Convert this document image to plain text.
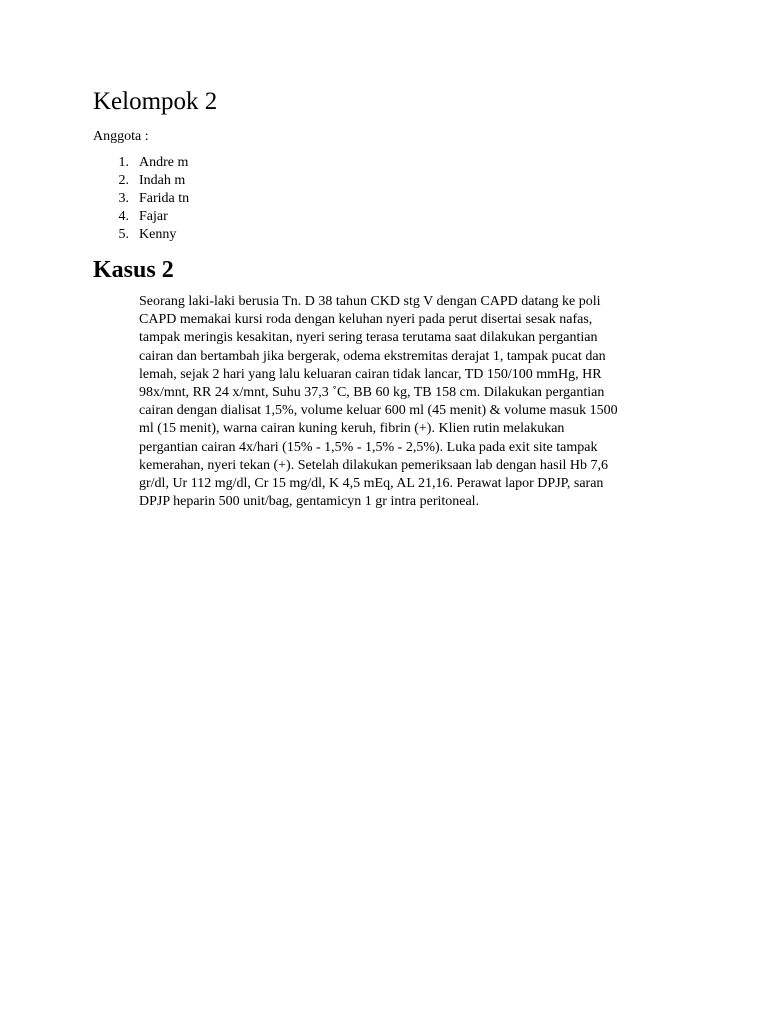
Kelompok 2

Anggota :

1 . Andre m
2 . Indah m
3 . Farida tn
4 . Fajar
5 . Kenny
Kasus 2

Seorang laki-laki berusia Tn. D 38 tahun CKD stg V dengan CAPD datang ke poli
CAPD memakai kursi roda dengan keluhan nyeri pada perut disertai sesak nafas,
tampak meringis kesakitan, nyeri sering terasa terutama saat dilakukan pergantian
cairan dan bertambah jika bergerak, odema ekstremitas derajat 1, tampak pucat dan
lemah, sejak 2 hari yang lalu keluaran cairan tidak lancar, TD 150/100 mmHg, HR
98x/mnt, RR 24 x/mnt, Suhu 37,3 ˚C, BB 60 kg, TB 158 cm. Dilakukan pergantian
cairan dengan dialisat 1,5%, volume keluar 600 ml (45 menit) & volume masuk 1500
ml (15 menit), warna cairan kuning keruh, fibrin (+). Klien rutin melakukan
pergantian cairan 4x/hari (15% - 1,5% - 1,5% - 2,5%). Luka pada exit site tampak
kemerahan, nyeri tekan (+). Setelah dilakukan pemeriksaan lab dengan hasil Hb 7,6
gr/dl, Ur 112 mg/dl, Cr 15 mg/dl, K 4,5 mEq, AL 21,16. Perawat lapor DPJP, saran
DPJP heparin 500 unit/bag, gentamicyn 1 gr intra peritoneal.
